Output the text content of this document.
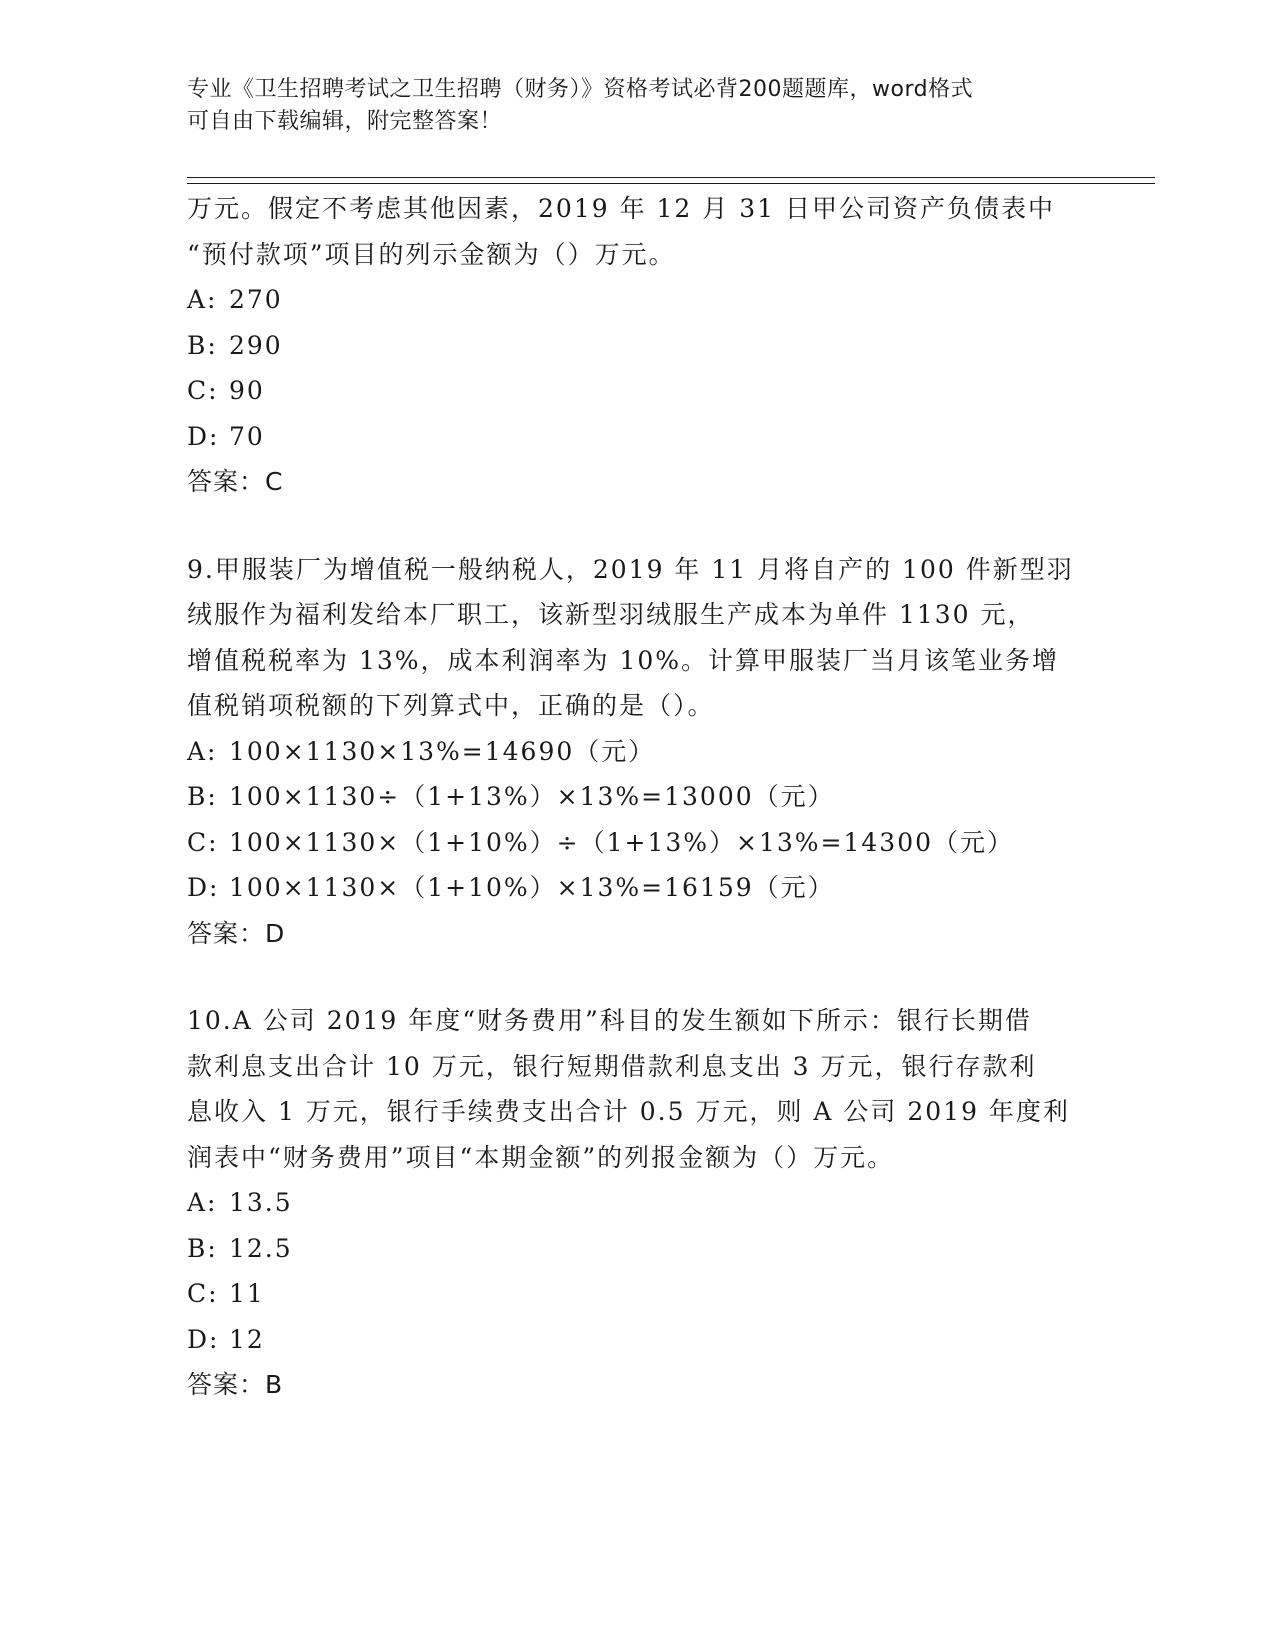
专业《卫生招聘考试之卫生招聘（财务）》资格考试必背200题题库，word格式
可自由下载编辑，附完整答案！
万元。假定不考虑其他因素，2019 年 12 月 31 日甲公司资产负债表中
“预付款项”项目的列示金额为（）万元。
A: 270
B: 290
C: 90
D: 70
答案：C
9.甲服装厂为增值税一般纳税人，2019 年 11 月将自产的 100 件新型羽
绒服作为福利发给本厂职工，该新型羽绒服生产成本为单件 1130 元，
增值税税率为 13%，成本利润率为 10%。计算甲服装厂当月该笔业务增
值税销项税额的下列算式中，正确的是（）。
A: 100×1130×13%=14690（元）
B: 100×1130÷（1+13%）×13%=13000（元）
C: 100×1130×（1+10%）÷（1+13%）×13%=14300（元）
D: 100×1130×（1+10%）×13%=16159（元）
答案：D
10.A 公司 2019 年度“财务费用”科目的发生额如下所示：银行长期借
款利息支出合计 10 万元，银行短期借款利息支出 3 万元，银行存款利
息收入 1 万元，银行手续费支出合计 0.5 万元，则 A 公司 2019 年度利
润表中“财务费用”项目“本期金额”的列报金额为（）万元。
A: 13.5
B: 12.5
C: 11
D: 12
答案：B
